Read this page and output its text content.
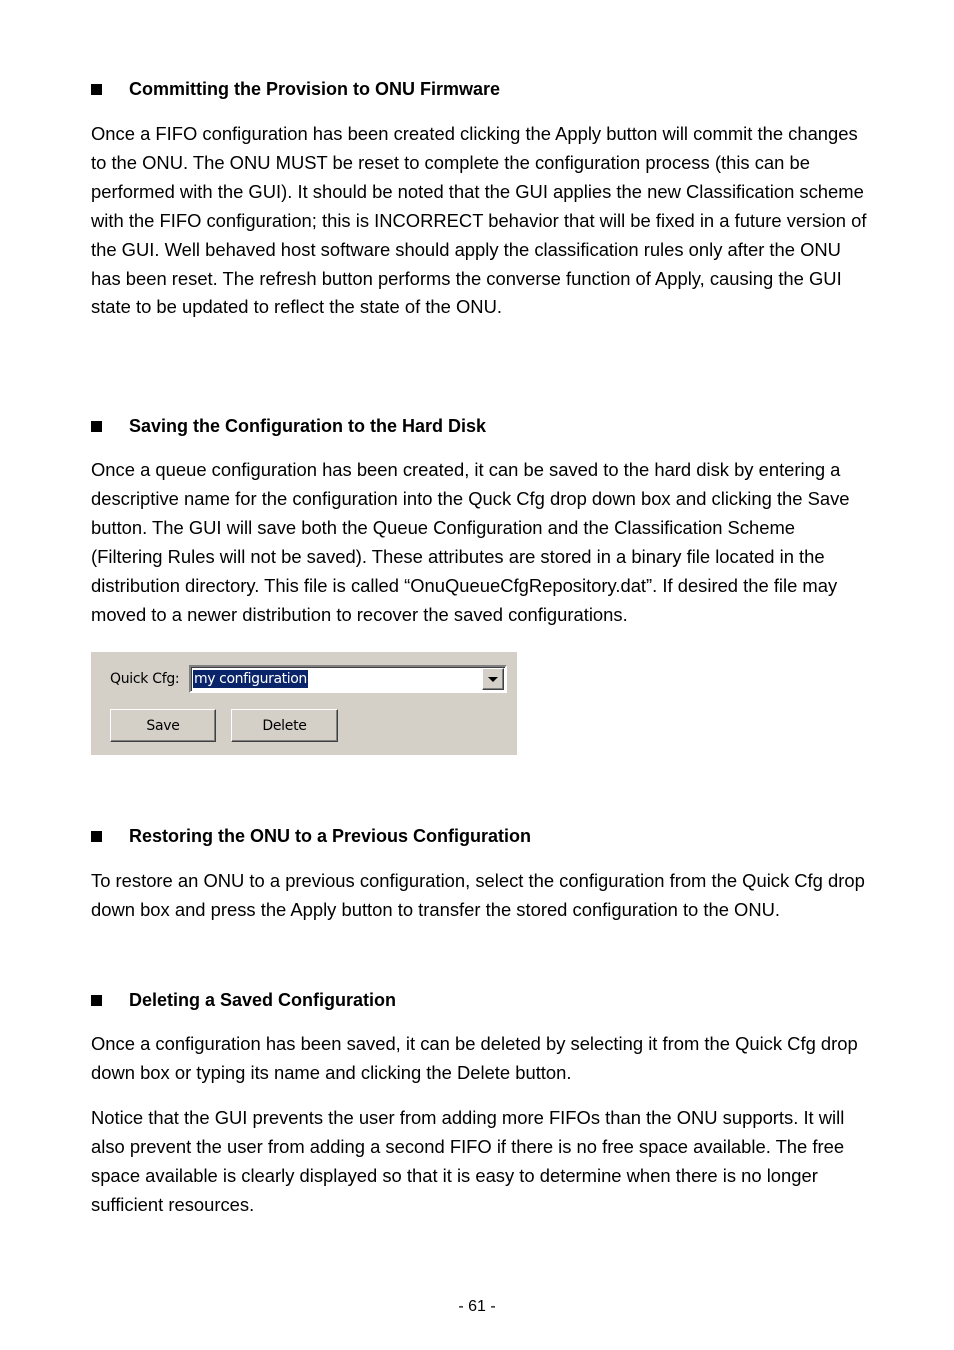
Committing the Provision to ONU Firmware

Once a FIFO configuration has been created clicking the Apply button will commit the changes to the ONU. The ONU MUST be reset to complete the configuration process (this can be performed with the GUI). It should be noted that the GUI applies the new Classification scheme with the FIFO configuration; this is INCORRECT behavior that will be fixed in a future version of the GUI. Well behaved host software should apply the classification rules only after the ONU has been reset. The refresh button performs the converse function of Apply, causing the GUI state to be updated to reflect the state of the ONU.

Saving the Configuration to the Hard Disk

Once a queue configuration has been created, it can be saved to the hard disk by entering a descriptive name for the configuration into the Quck Cfg drop down box and clicking the Save button. The GUI will save both the Queue Configuration and the Classification Scheme (Filtering Rules will not be saved). These attributes are stored in a binary file located in the distribution directory. This file is called “OnuQueueCfgRepository.dat”. If desired the file may moved to a newer distribution to recover the saved configurations.

Quick Cfg: my configuration
Save	Delete
Restoring the ONU to a Previous Configuration

To restore an ONU to a previous configuration, select the configuration from the Quick Cfg drop down box and press the Apply button to transfer the stored configuration to the ONU.

Deleting a Saved Configuration

Once a configuration has been saved, it can be deleted by selecting it from the Quick Cfg drop down box or typing its name and clicking the Delete button.

Notice that the GUI prevents the user from adding more FIFOs than the ONU supports. It will also prevent the user from adding a second FIFO if there is no free space available. The free space available is clearly displayed so that it is easy to determine when there is no longer sufficient resources.

- 61 -
